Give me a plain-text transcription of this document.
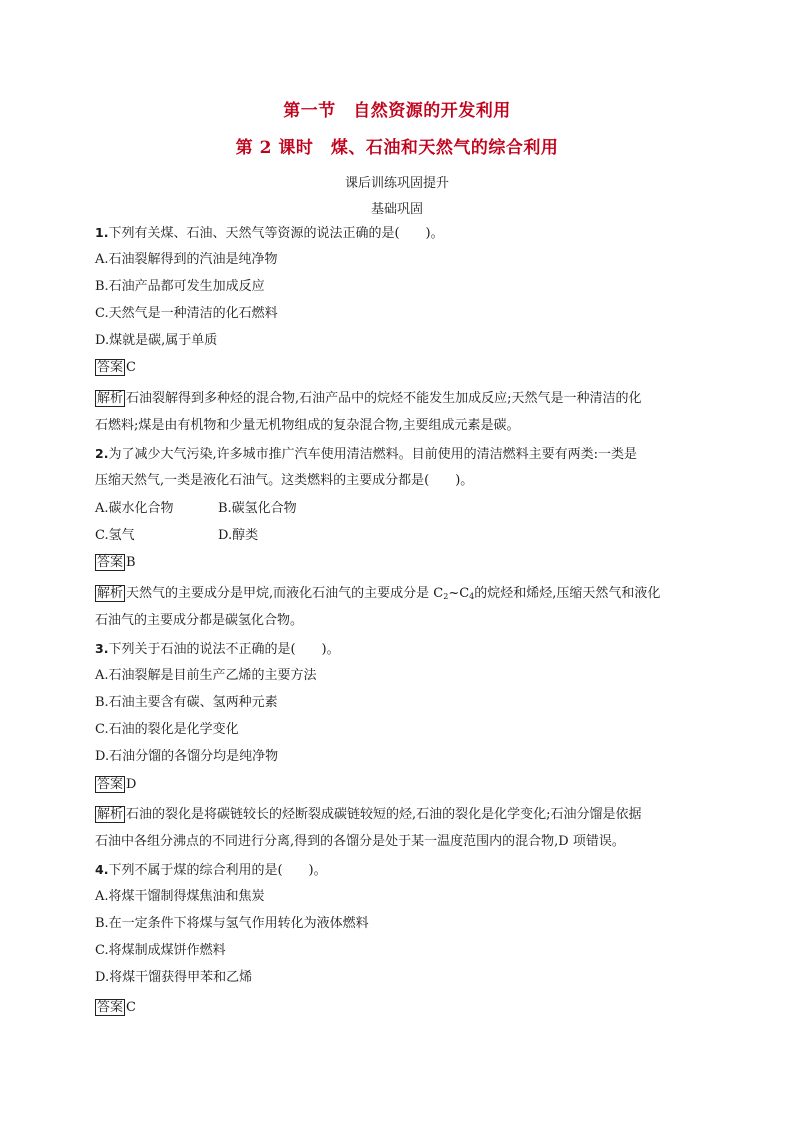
第一节　自然资源的开发利用
第 2 课时　煤、石油和天然气的综合利用
课后训练巩固提升
基础巩固
1.下列有关煤、石油、天然气等资源的说法正确的是(　　)。
A.石油裂解得到的汽油是纯净物
B.石油产品都可发生加成反应
C.天然气是一种清洁的化石燃料
D.煤就是碳,属于单质
答案 C
解析 石油裂解得到多种烃的混合物,石油产品中的烷烃不能发生加成反应;天然气是一种清洁的化
石燃料;煤是由有机物和少量无机物组成的复杂混合物,主要组成元素是碳。
2.为了减少大气污染,许多城市推广汽车使用清洁燃料。目前使用的清洁燃料主要有两类:一类是
压缩天然气,一类是液化石油气。这类燃料的主要成分都是(　　)。
A.碳水化合物	B.碳氢化合物
C.氢气	D.醇类
答案 B
解析 天然气的主要成分是甲烷,而液化石油气的主要成分是 $C_2\sim C_4$的烷烃和烯烃,压缩天然气和液化
石油气的主要成分都是碳氢化合物。
3.下列关于石油的说法不正确的是(　　)。
A.石油裂解是目前生产乙烯的主要方法
B.石油主要含有碳、氢两种元素
C.石油的裂化是化学变化
D.石油分馏的各馏分均是纯净物
答案 D
解析 石油的裂化是将碳链较长的烃断裂成碳链较短的烃,石油的裂化是化学变化;石油分馏是依据
石油中各组分沸点的不同进行分离,得到的各馏分是处于某一温度范围内的混合物,D 项错误。
4.下列不属于煤的综合利用的是(　　)。
A.将煤干馏制得煤焦油和焦炭
B.在一定条件下将煤与氢气作用转化为液体燃料
C.将煤制成煤饼作燃料
D.将煤干馏获得甲苯和乙烯
答案 C
